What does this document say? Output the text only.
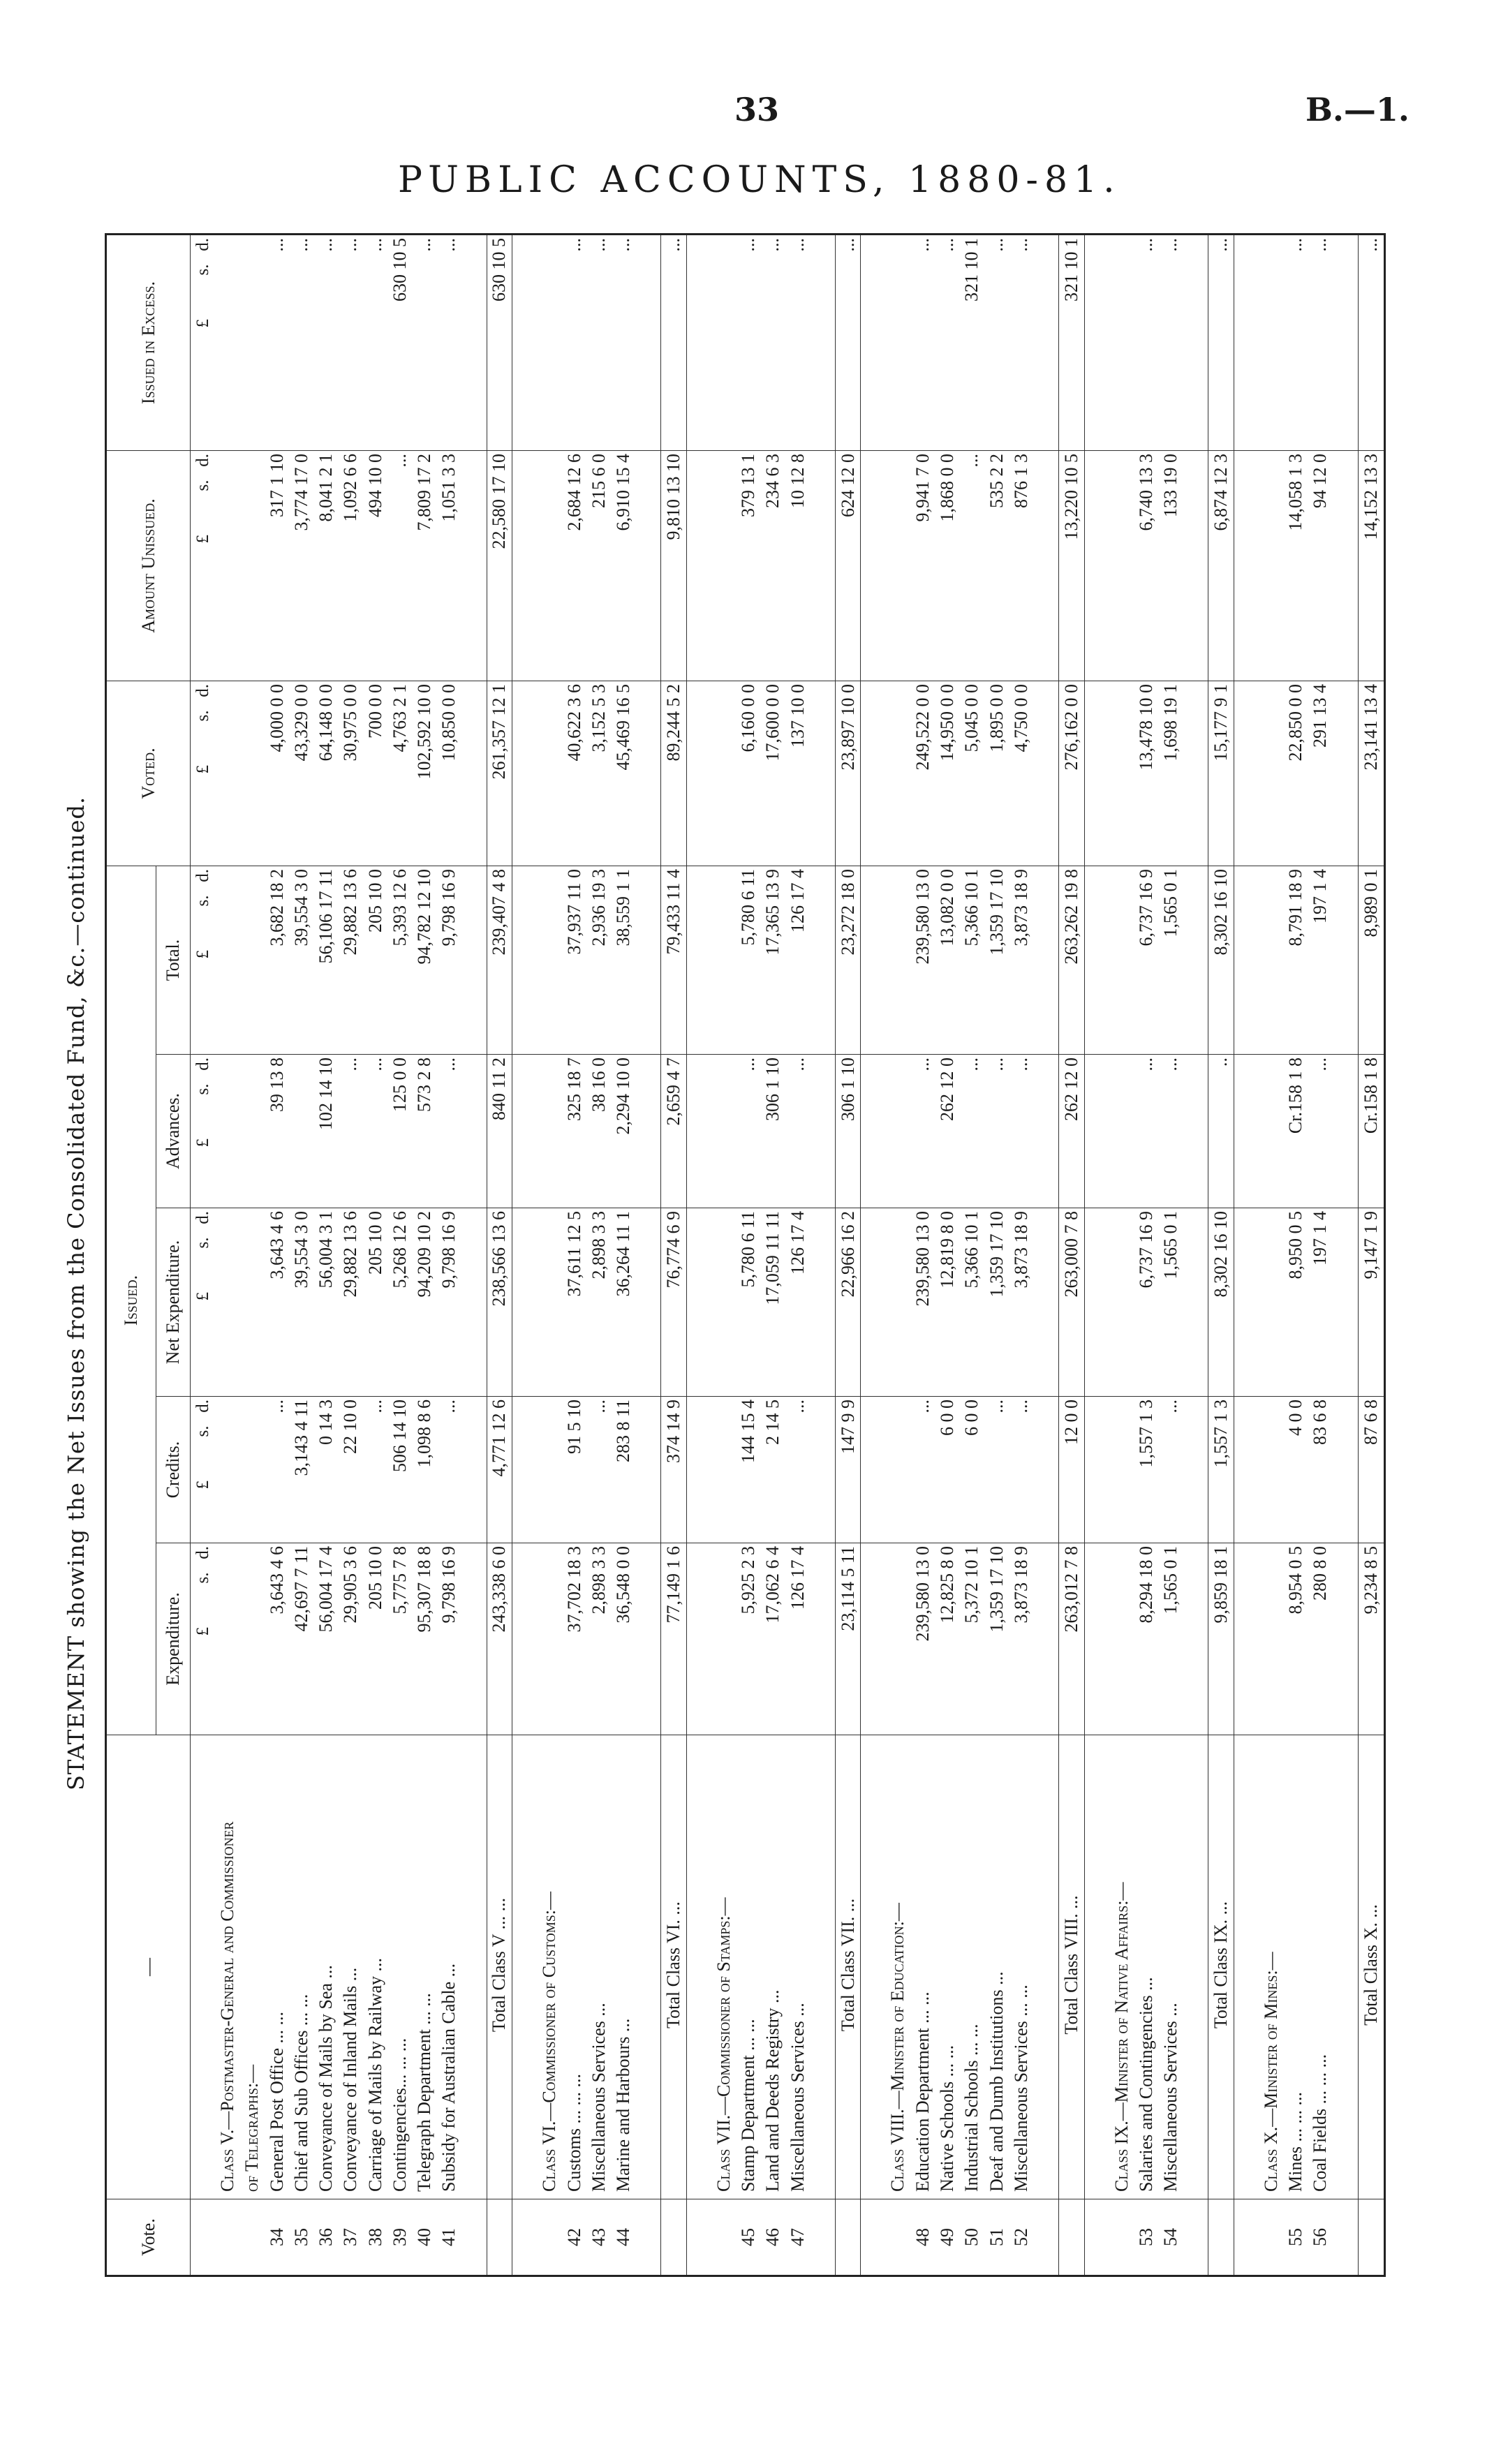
33	B.—1.
PUBLIC ACCOUNTS, 1880-81.
STATEMENT showing the Net Issues from the Consolidated Fund, &c.—continued.
Vote.	—	Issued.					Voted.	Amount Unissued.	Issued in Excess.
		Expenditure.	Credits.	Net Expenditure.	Advances.	Total.			
		£          s.   d.	£          s.   d.	£          s.   d.	£          s.   d.	£          s.   d.	£          s.   d.	£          s.   d.	£          s.   d.
	Class V.—Postmaster-General and Commissioner								
	of Telegraphs:—								
34	General Post Office ... ...	3,643 4 6	...	3,643 4 6	39 13 8	3,682 18 2	4,000 0 0	317 1 10	...
35	Chief and Sub Offices ... ...	42,697 7 11	3,143 4 11	39,554 3 0		39,554 3 0	43,329 0 0	3,774 17 0	...
36	Conveyance of Mails by Sea ...	56,004 17 4	0 14 3	56,004 3 1	102 14 10	56,106 17 11	64,148 0 0	8,041 2 1	...
37	Conveyance of Inland Mails ...	29,905 3 6	22 10 0	29,882 13 6	...	29,882 13 6	30,975 0 0	1,092 6 6	...
38	Carriage of Mails by Railway ...	205 10 0	...	205 10 0	...	205 10 0	700 0 0	494 10 0	...
39	Contingencies... ... ...	5,775 7 8	506 14 10	5,268 12 6	125 0 0	5,393 12 6	4,763 2 1	...	630 10 5
40	Telegraph Department ... ...	95,307 18 8	1,098 8 6	94,209 10 2	573 2 8	94,782 12 10	102,592 10 0	7,809 17 2	...
41	Subsidy for Australian Cable ...	9,798 16 9	...	9,798 16 9	...	9,798 16 9	10,850 0 0	1,051 3 3	...

	Total Class V ... ...	243,338 6 0	4,771 12 6	238,566 13 6	840 11 2	239,407 4 8	261,357 12 1	22,580 17 10	630 10 5

	Class VI.—Commissioner of Customs:—								
42	Customs ... ... ...	37,702 18 3	91 5 10	37,611 12 5	325 18 7	37,937 11 0	40,622 3 6	2,684 12 6	...
43	Miscellaneous Services ...	2,898 3 3	...	2,898 3 3	38 16 0	2,936 19 3	3,152 5 3	215 6 0	...
44	Marine and Harbours ...	36,548 0 0	283 8 11	36,264 11 1	2,294 10 0	38,559 1 1	45,469 16 5	6,910 15 4	...

	Total Class VI. ...	77,149 1 6	374 14 9	76,774 6 9	2,659 4 7	79,433 11 4	89,244 5 2	9,810 13 10	...

	Class VII.—Commissioner of Stamps:—								
45	Stamp Department ... ...	5,925 2 3	144 15 4	5,780 6 11	...	5,780 6 11	6,160 0 0	379 13 1	...
46	Land and Deeds Registry ...	17,062 6 4	2 14 5	17,059 11 11	306 1 10	17,365 13 9	17,600 0 0	234 6 3	...
47	Miscellaneous Services ...	126 17 4	...	126 17 4	...	126 17 4	137 10 0	10 12 8	...

	Total Class VII. ...	23,114 5 11	147 9 9	22,966 16 2	306 1 10	23,272 18 0	23,897 10 0	624 12 0	...

	Class VIII.—Minister of Education:—								
48	Education Department ... ...	239,580 13 0	...	239,580 13 0	...	239,580 13 0	249,522 0 0	9,941 7 0	...
49	Native Schools ... ...	12,825 8 0	6 0 0	12,819 8 0	262 12 0	13,082 0 0	14,950 0 0	1,868 0 0	...
50	Industrial Schools ... ...	5,372 10 1	6 0 0	5,366 10 1	...	5,366 10 1	5,045 0 0	...	321 10 1
51	Deaf and Dumb Institutions ...	1,359 17 10	...	1,359 17 10	...	1,359 17 10	1,895 0 0	535 2 2	...
52	Miscellaneous Services ... ...	3,873 18 9	...	3,873 18 9	...	3,873 18 9	4,750 0 0	876 1 3	...

	Total Class VIII. ...	263,012 7 8	12 0 0	263,000 7 8	262 12 0	263,262 19 8	276,162 0 0	13,220 10 5	321 10 1

	Class IX.—Minister of Native Affairs:—								
53	Salaries and Contingencies ...	8,294 18 0	1,557 1 3	6,737 16 9	...	6,737 16 9	13,478 10 0	6,740 13 3	...
54	Miscellaneous Services ...	1,565 0 1	...	1,565 0 1	...	1,565 0 1	1,698 19 1	133 19 0	...

	Total Class IX. ...	9,859 18 1	1,557 1 3	8,302 16 10	..	8,302 16 10	15,177 9 1	6,874 12 3	...

	Class X.—Minister of Mines:—								
55	Mines ... ... ...	8,954 0 5	4 0 0	8,950 0 5	Cr.158 1 8	8,791 18 9	22,850 0 0	14,058 1 3	...
56	Coal Fields ... ... ...	280 8 0	83 6 8	197 1 4	...	197 1 4	291 13 4	94 12 0	...

	Total Class X. ...	9,234 8 5	87 6 8	9,147 1 9	Cr.158 1 8	8,989 0 1	23,141 13 4	14,152 13 3	...
